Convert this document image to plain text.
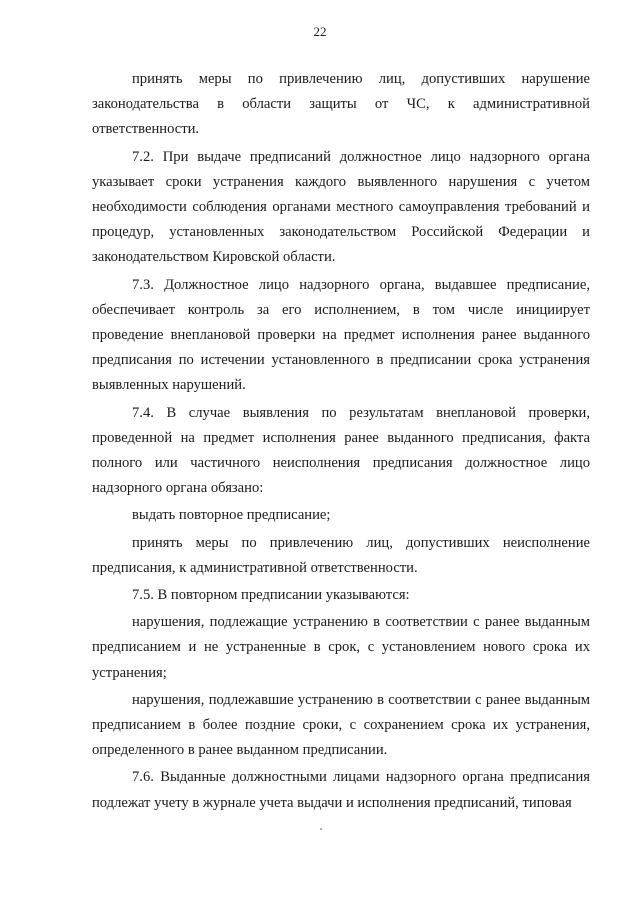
22

принять меры по привлечению лиц, допустивших нарушение законодательства в области защиты от ЧС, к административной ответственности.

7.2. При выдаче предписаний должностное лицо надзорного органа указывает сроки устранения каждого выявленного нарушения с учетом необходимости соблюдения органами местного самоуправления требований и процедур, установленных законодательством Российской Федерации и законодательством Кировской области.

7.3. Должностное лицо надзорного органа, выдавшее предписание, обеспечивает контроль за его исполнением, в том числе инициирует проведение внеплановой проверки на предмет исполнения ранее выданного предписания по истечении установленного в предписании срока устранения выявленных нарушений.

7.4. В случае выявления по результатам внеплановой проверки, проведенной на предмет исполнения ранее выданного предписания, факта полного или частичного неисполнения предписания должностное лицо надзорного органа обязано:

выдать повторное предписание;

принять меры по привлечению лиц, допустивших неисполнение предписания, к административной ответственности.

7.5. В повторном предписании указываются:

нарушения, подлежащие устранению в соответствии с ранее выданным предписанием и не устраненные в срок, с установлением нового срока их устранения;

нарушения, подлежавшие устранению в соответствии с ранее выданным предписанием в более поздние сроки, с сохранением срока их устранения, определенного в ранее выданном предписании.

7.6. Выданные должностными лицами надзорного органа предписания подлежат учету в журнале учета выдачи и исполнения предписаний, типовая
